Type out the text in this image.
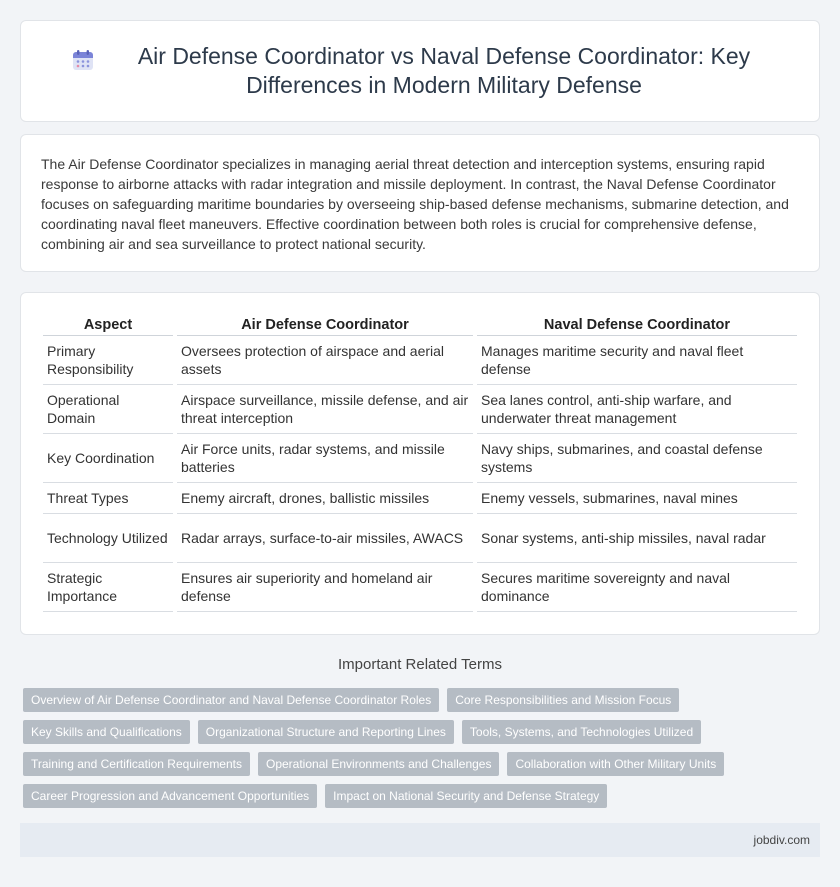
Air Defense Coordinator vs Naval Defense Coordinator: Key Differences in Modern Military Defense

The Air Defense Coordinator specializes in managing aerial threat detection and interception systems, ensuring rapid response to airborne attacks with radar integration and missile deployment. In contrast, the Naval Defense Coordinator focuses on safeguarding maritime boundaries by overseeing ship-based defense mechanisms, submarine detection, and coordinating naval fleet maneuvers. Effective coordination between both roles is crucial for comprehensive defense, combining air and sea surveillance to protect national security.

Aspect	Air Defense Coordinator	Naval Defense Coordinator
Primary Responsibility	Oversees protection of airspace and aerial assets	Manages maritime security and naval fleet defense
Operational Domain	Airspace surveillance, missile defense, and air threat interception	Sea lanes control, anti-ship warfare, and underwater threat management
Key Coordination	Air Force units, radar systems, and missile batteries	Navy ships, submarines, and coastal defense systems
Threat Types	Enemy aircraft, drones, ballistic missiles	Enemy vessels, submarines, naval mines
Technology Utilized	Radar arrays, surface-to-air missiles, AWACS	Sonar systems, anti-ship missiles, naval radar
Strategic Importance	Ensures air superiority and homeland air defense	Secures maritime sovereignty and naval dominance
Important Related Terms
Overview of Air Defense Coordinator and Naval Defense Coordinator Roles	Core Responsibilities and Mission Focus
Key Skills and Qualifications	Organizational Structure and Reporting Lines	Tools, Systems, and Technologies Utilized
Training and Certification Requirements	Operational Environments and Challenges	Collaboration with Other Military Units
Career Progression and Advancement Opportunities	Impact on National Security and Defense Strategy
jobdiv.com
